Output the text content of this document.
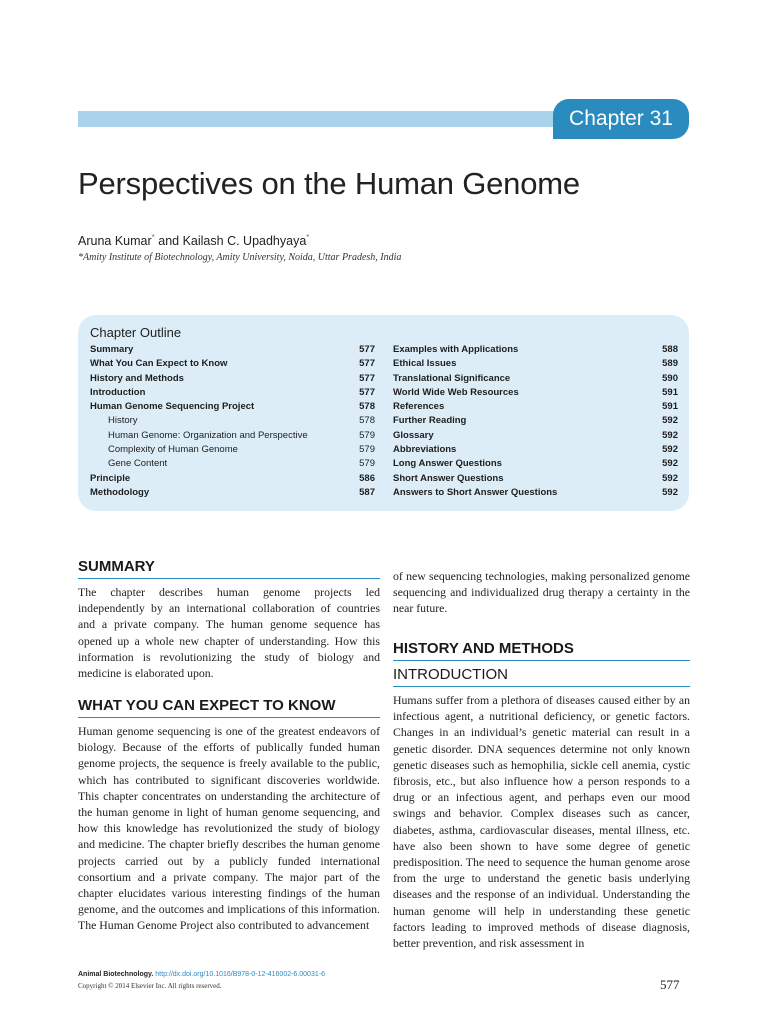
Chapter 31
Perspectives on the Human Genome
Aruna Kumar* and Kailash C. Upadhyaya*
*Amity Institute of Biotechnology, Amity University, Noida, Uttar Pradesh, India
Chapter Outline
Summary	577
What You Can Expect to Know	577
History and Methods	577
Introduction	577
Human Genome Sequencing Project	578
History	578
Human Genome: Organization and Perspective	579
Complexity of Human Genome	579
Gene Content	579
Principle	586
Methodology	587
Examples with Applications	588
Ethical Issues	589
Translational Significance	590
World Wide Web Resources	591
References	591
Further Reading	592
Glossary	592
Abbreviations	592
Long Answer Questions	592
Short Answer Questions	592
Answers to Short Answer Questions	592
SUMMARY

The chapter describes human genome projects led independently by an international collaboration of countries and a private company. The human genome sequence has opened up a whole new chapter of understanding. How this information is revolutionizing the study of biology and medicine is elaborated upon.

WHAT YOU CAN EXPECT TO KNOW

Human genome sequencing is one of the greatest endeavors of biology. Because of the efforts of publically funded human genome projects, the sequence is freely available to the public, which has contributed to significant discoveries worldwide. This chapter concentrates on understanding the architecture of the human genome in light of human genome sequencing, and how this knowledge has revolutionized the study of biology and medicine. The chapter briefly describes the human genome projects carried out by a publicly funded international consortium and a private company. The major part of the chapter elucidates various interesting findings of the human genome, and the outcomes and implications of this information. The Human Genome Project also contributed to advancement

of new sequencing technologies, making personalized genome sequencing and individualized drug therapy a certainty in the near future.

HISTORY AND METHODS
INTRODUCTION

Humans suffer from a plethora of diseases caused either by an infectious agent, a nutritional deficiency, or genetic factors. Changes in an individual’s genetic material can result in a genetic disorder. DNA sequences determine not only known genetic diseases such as hemophilia, sickle cell anemia, cystic fibrosis, etc., but also influence how a person responds to a drug or an infectious agent, and perhaps even our mood swings and behavior. Complex diseases such as cancer, diabetes, asthma, cardiovascular diseases, mental illness, etc. have also been shown to have some degree of genetic predisposition. The need to sequence the human genome arose from the urge to understand the genetic basis underlying diseases and the response of an individual. Understanding the human genome will help in understanding these genetic factors leading to improved methods of disease diagnosis, better prevention, and risk assessment in

Animal Biotechnology. http://dx.doi.org/10.1016/B978-0-12-416002-6.00031-6
Copyright © 2014 Elsevier Inc. All rights reserved.	577
